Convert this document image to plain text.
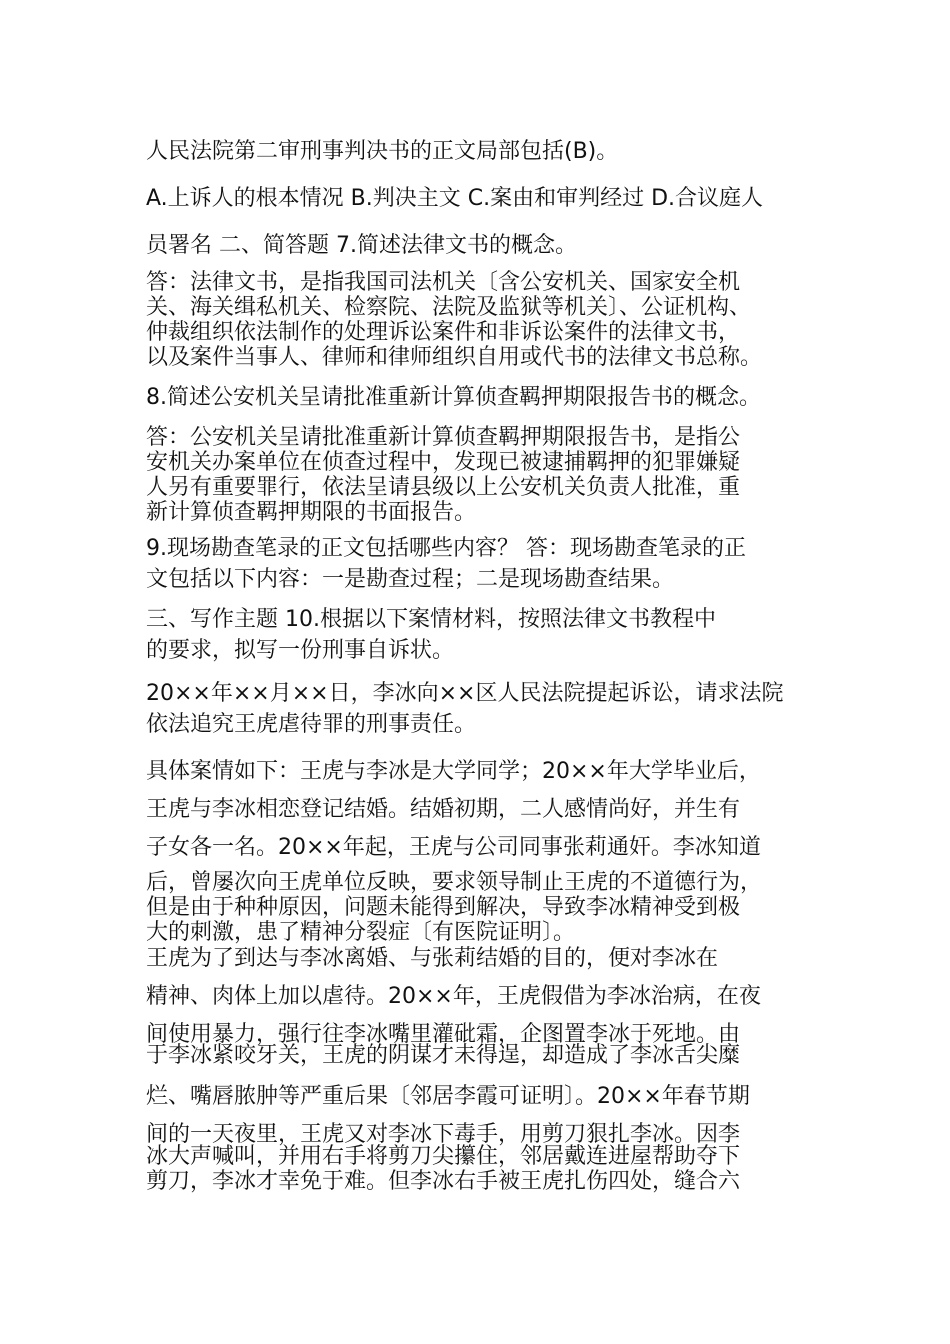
人民法院第二审刑事判决书的正文局部包括(B)。

A.上诉人的根本情况 B.判决主文 C.案由和审判经过 D.合议庭人
员署名 二、简答题 7.简述法律文书的概念。

答：法律文书，是指我国司法机关〔含公安机关、国家安全机
关、海关缉私机关、检察院、法院及监狱等机关〕、公证机构、
仲裁组织依法制作的处理诉讼案件和非诉讼案件的法律文书，
以及案件当事人、律师和律师组织自用或代书的法律文书总称。

8.简述公安机关呈请批准重新计算侦查羁押期限报告书的概念。

答：公安机关呈请批准重新计算侦查羁押期限报告书，是指公
安机关办案单位在侦查过程中，发现已被逮捕羁押的犯罪嫌疑
人另有重要罪行，依法呈请县级以上公安机关负责人批准，重
新计算侦查羁押期限的书面报告。

9.现场勘查笔录的正文包括哪些内容？ 答：现场勘查笔录的正
文包括以下内容：一是勘查过程；二是现场勘查结果。

三、写作主题 10.根据以下案情材料，按照法律文书教程中
的要求，拟写一份刑事自诉状。

20××年××月××日，李冰向××区人民法院提起诉讼，请求法院
依法追究王虎虐待罪的刑事责任。

具体案情如下：王虎与李冰是大学同学；20××年大学毕业后，
王虎与李冰相恋登记结婚。结婚初期，二人感情尚好，并生有
子女各一名。20××年起，王虎与公司同事张莉通奸。李冰知道

后，曾屡次向王虎单位反映，要求领导制止王虎的不道德行为，
但是由于种种原因，问题未能得到解决，导致李冰精神受到极
大的刺激，患了精神分裂症〔有医院证明〕。

王虎为了到达与李冰离婚、与张莉结婚的目的，便对李冰在
精神、肉体上加以虐待。20××年，王虎假借为李冰治病，在夜
间使用暴力，强行往李冰嘴里灌砒霜，企图置李冰于死地。由

于李冰紧咬牙关，王虎的阴谋才未得逞，却造成了李冰舌尖糜

烂、嘴唇脓肿等严重后果〔邻居李霞可证明〕。20××年春节期
间的一天夜里，王虎又对李冰下毒手，用剪刀狠扎李冰。因李

冰大声喊叫，并用右手将剪刀尖攥住，邻居戴连进屋帮助夺下
剪刀，李冰才幸免于难。但李冰右手被王虎扎伤四处，缝合六
